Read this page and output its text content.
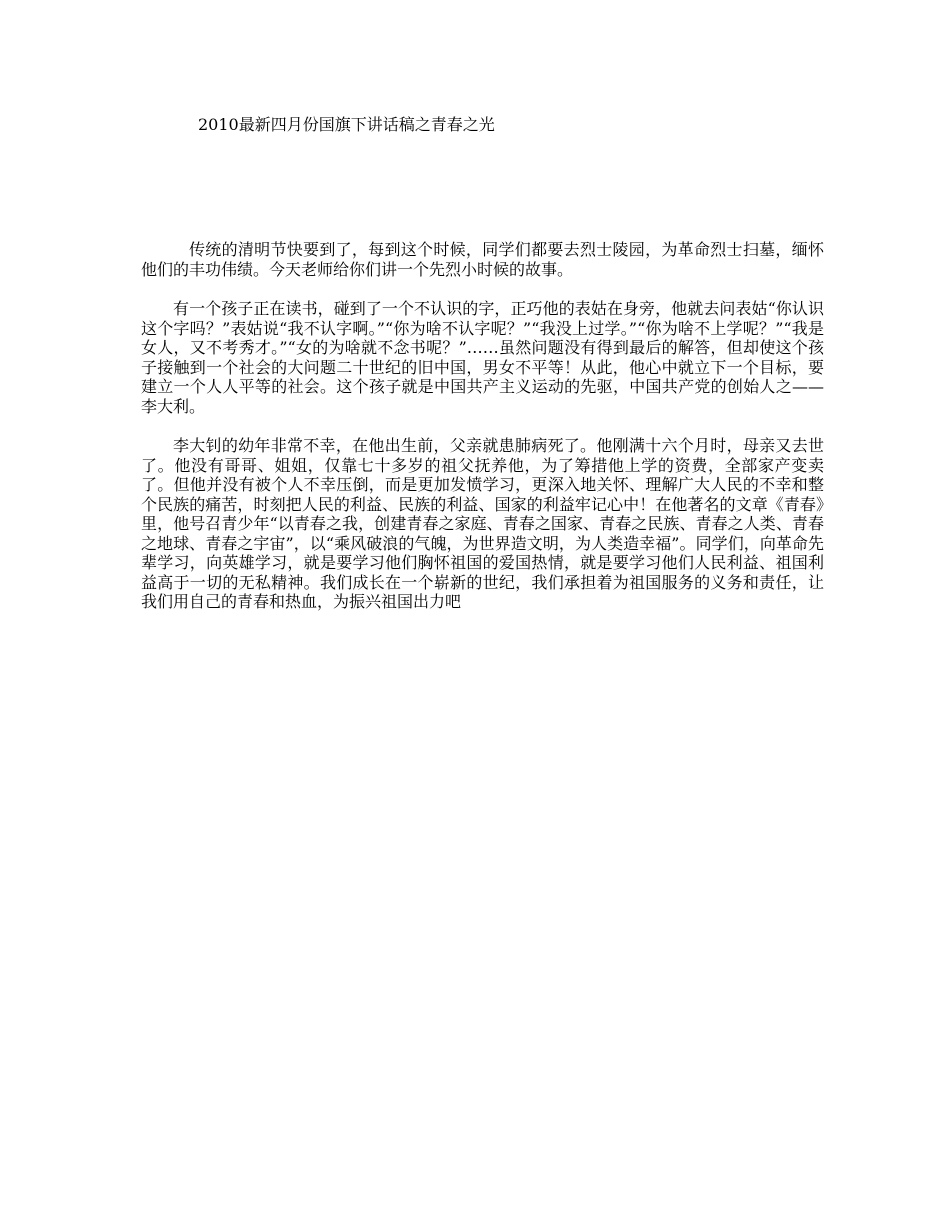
2010最新四月份国旗下讲话稿之青春之光

传统的清明节快要到了，每到这个时候，同学们都要去烈士陵园，为革命烈士扫墓，缅怀他们的丰功伟绩。今天老师给你们讲一个先烈小时候的故事。

有一个孩子正在读书，碰到了一个不认识的字，正巧他的表姑在身旁，他就去问表姑“你认识这个字吗？”表姑说“我不认字啊。”“你为啥不认字呢？”“我没上过学。”“你为啥不上学呢？”“我是女人，又不考秀才。”“女的为啥就不念书呢？”……虽然问题没有得到最后的解答，但却使这个孩子接触到一个社会的大问题二十世纪的旧中国，男女不平等！从此，他心中就立下一个目标，要建立一个人人平等的社会。这个孩子就是中国共产主义运动的先驱，中国共产党的创始人之——李大利。

李大钊的幼年非常不幸，在他出生前，父亲就患肺病死了。他刚满十六个月时，母亲又去世了。他没有哥哥、姐姐，仅靠七十多岁的祖父抚养他，为了筹措他上学的资费，全部家产变卖了。但他并没有被个人不幸压倒，而是更加发愤学习，更深入地关怀、理解广大人民的不幸和整个民族的痛苦，时刻把人民的利益、民族的利益、国家的利益牢记心中！在他著名的文章《青春》里，他号召青少年“以青春之我，创建青春之家庭、青春之国家、青春之民族、青春之人类、青春之地球、青春之宇宙”，以“乘风破浪的气魄，为世界造文明，为人类造幸福”。同学们，向革命先辈学习，向英雄学习，就是要学习他们胸怀祖国的爱国热情，就是要学习他们人民利益、祖国利益高于一切的无私精神。我们成长在一个崭新的世纪，我们承担着为祖国服务的义务和责任，让我们用自己的青春和热血，为振兴祖国出力吧
